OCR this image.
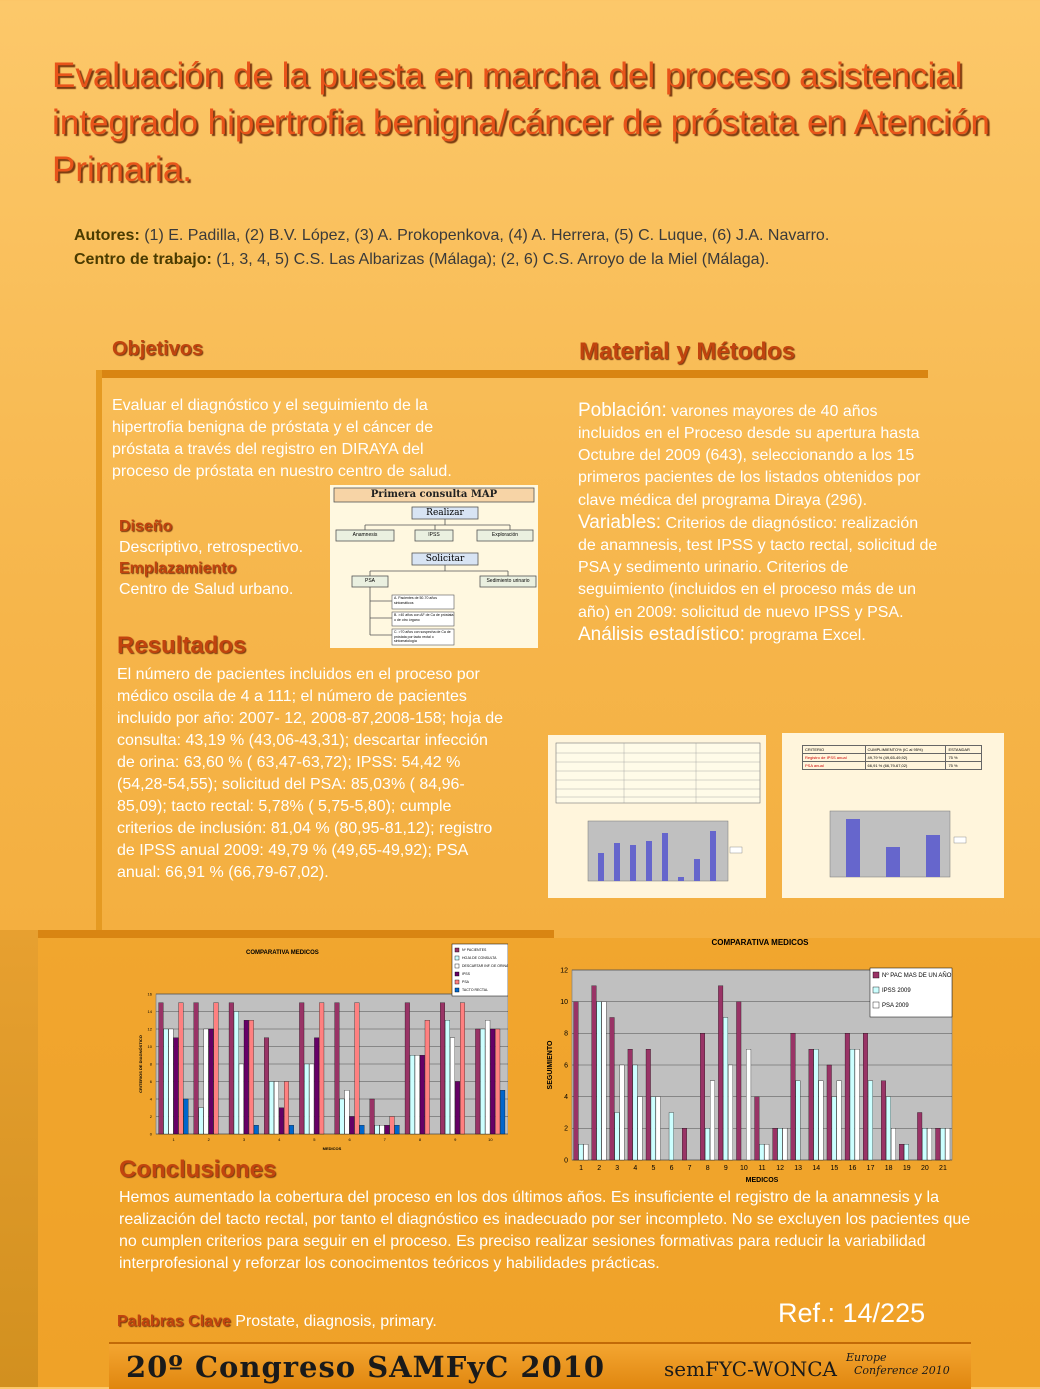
Evaluación de la puesta en marcha del proceso asistencial integrado hipertrofia benigna/cáncer de próstata en Atención Primaria.
Autores: (1) E. Padilla, (2) B.V. López, (3) A. Prokopenkova, (4) A. Herrera, (5) C. Luque, (6) J.A. Navarro.
Centro de trabajo: (1, 3, 4, 5) C.S. Las Albarizas (Málaga); (2, 6) C.S. Arroyo de la Miel (Málaga).
Objetivos
Evaluar el diagnóstico y el seguimiento de la hipertrofia benigna de próstata y el cáncer de próstata a través del registro en DIRAYA del proceso de próstata en nuestro centro de salud.
Diseño
Descriptivo, retrospectivo.
Emplazamiento
Centro de Salud urbano.
Primera consulta MAP
Realizar
Anamnesis	IPSS	Exploración
Solicitar
PSA	Sedimiento urinario
A. Pacientes de 50-70 años sintomáticos
B. >40 años con AF de Ca de próstata o de otro órgano
C. >70 años con sospecha de Ca de próstata por tacto rectal o sintomatología
Resultados
El número de pacientes incluidos en el proceso por médico oscila de 4 a 111; el número de pacientes incluido por año: 2007- 12, 2008-87,2008-158; hoja de consulta: 43,19 % (43,06-43,31); descartar infección de orina: 63,60 % ( 63,47-63,72); IPSS: 54,42 % (54,28-54,55); solicitud del PSA: 85,03% ( 84,96-85,09); tacto rectal: 5,78% ( 5,75-5,80); cumple criterios de inclusión: 81,04 % (80,95-81,12); registro de IPSS anual 2009: 49,79 % (49,65-49,92); PSA anual: 66,91 % (66,79-67,02).
Material y Métodos
Población: varones mayores de 40 años incluidos en el Proceso desde su apertura hasta Octubre del 2009 (643), seleccionando a los 15 primeros pacientes de los listados obtenidos por clave médica del programa Diraya (296). Variables: Criterios de diagnóstico: realización de anamnesis, test IPSS y tacto rectal, solicitud de PSA y sedimento urinario. Criterios de seguimiento (incluidos en el proceso más de un año) en 2009: solicitud de nuevo IPSS y PSA. Análisis estadístico: programa Excel.
CRITERIO	CUMPLIMIENTO% (IC al 95%)	ESTANDAR
Registro de IPSS anual	49,79 % (49,65-49,92)	75 %
PSA anual	66,91 % (66,79-67,02)	75 %
COMPARATIVA MEDICOS
0
2
4
6
8
10
12
14
16
1	2	3	4	5	6	7	8	9	10
MEDICOS
CRITERIOS DE DIAGNÓSTICO
Nº PACIENTES
HOJA DE CONSULTA
DESCARTAR INF. DE ORINA
IPSS
PSA
TACTO RECTAL
COMPARATIVA MEDICOS
0
2
4
6
8
10
12
1 2 3 4 5 6 7 8 9 10 11 12 13 14 15 16 17 18 19 20 21
MEDICOS
SEGUIMIENTO
Nº PAC MAS DE UN AÑO
IPSS 2009
PSA 2009
Conclusiones
Hemos aumentado la cobertura del proceso en los dos últimos años. Es insuficiente el registro de la anamnesis y la realización del tacto rectal, por tanto el diagnóstico es inadecuado por ser incompleto. No se excluyen los pacientes que no cumplen criterios para seguir en el proceso. Es preciso realizar sesiones formativas para reducir la variabilidad interprofesional y reforzar los conocimentos teóricos y habilidades prácticas.
Palabras Clave Prostate, diagnosis, primary.	Ref.: 14/225
20º Congreso SAMFyC 2010	semFYC-WONCA Europe
Conference 2010
